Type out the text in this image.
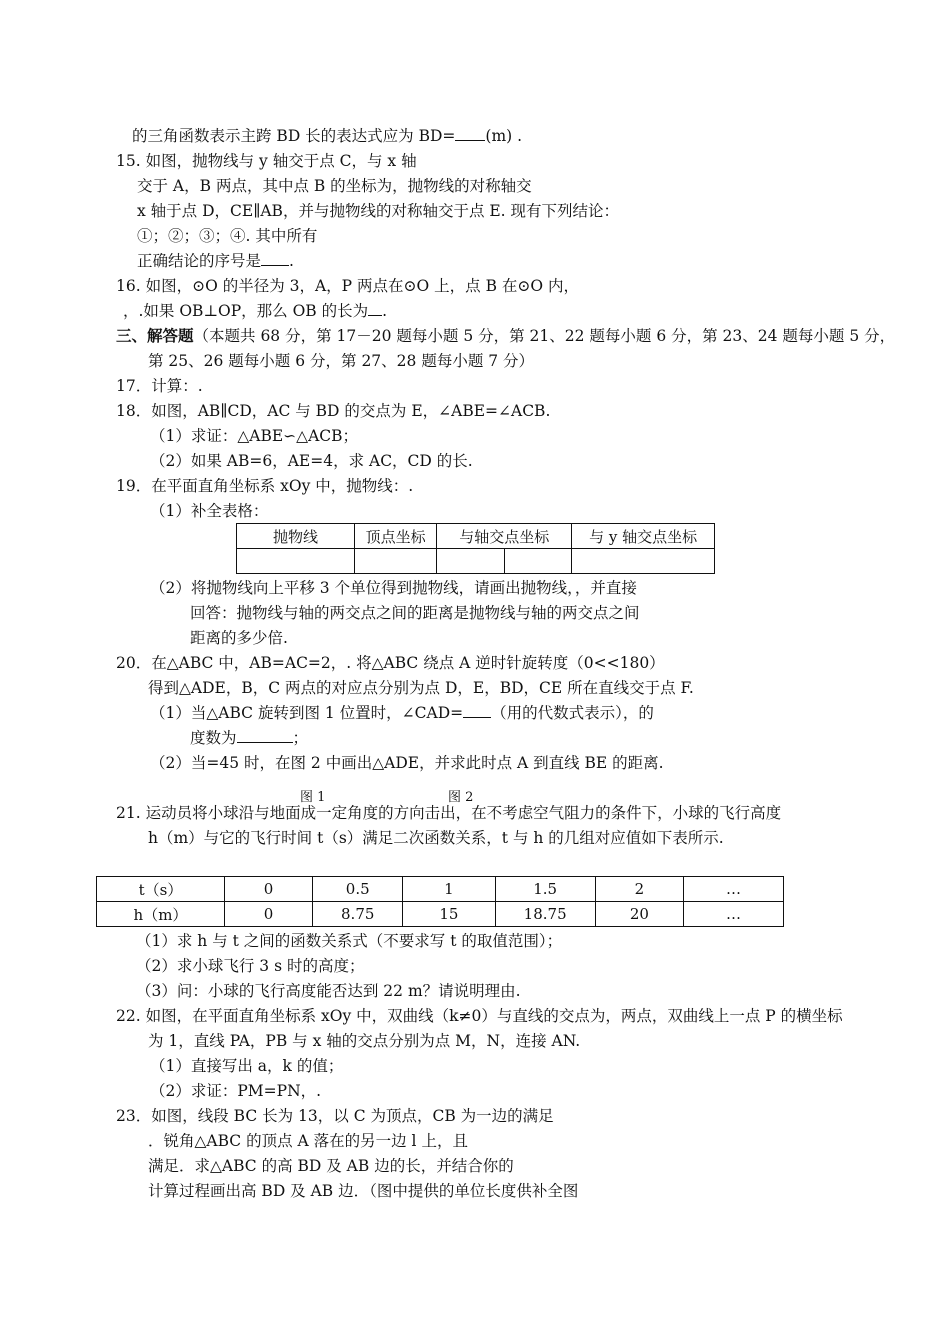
的三角函数表示主跨 BD 长的表达式应为 BD= (m) .
15. 如图，抛物线与 y 轴交于点 C，与 x 轴
交于 A，B 两点，其中点 B 的坐标为，抛物线的对称轴交
x 轴于点 D，CE∥AB，并与抛物线的对称轴交于点 E. 现有下列结论：
①；②；③；④. 其中所有
正确结论的序号是 .
16. 如图，⊙O 的半径为 3，A，P 两点在⊙O 上，点 B 在⊙O 内，
，.如果 OB⊥OP，那么 OB 的长为 .
三、解答题（本题共 68 分，第 17－20 题每小题 5 分，第 21、22 题每小题 6 分，第 23、24 题每小题 5 分，
第 25、26 题每小题 6 分，第 27、28 题每小题 7 分）
17．计算：.
18．如图，AB∥CD，AC 与 BD 的交点为 E，∠ABE=∠ACB.
（1）求证：△ABE∽△ACB；
（2）如果 AB=6，AE=4，求 AC，CD 的长.
19．在平面直角坐标系 xOy 中，抛物线：.
（1）补全表格：
抛物线	顶点坐标	与轴交点坐标		与 y 轴交点坐标

（2）将抛物线向上平移 3 个单位得到抛物线，请画出抛物线，，并直接
回答：抛物线与轴的两交点之间的距离是抛物线与轴的两交点之间
距离的多少倍.
20．在△ABC 中，AB=AC=2，. 将△ABC 绕点 A 逆时针旋转度（0<<180）
得到△ADE，B，C 两点的对应点分别为点 D，E，BD，CE 所在直线交于点 F.
（1）当△ABC 旋转到图 1 位置时，∠CAD= （用的代数式表示），的
度数为	；
（2）当=45 时，在图 2 中画出△ADE，并求此时点 A 到直线 BE 的距离.
图 1	图 2
21. 运动员将小球沿与地面成一定角度的方向击出，在不考虑空气阻力的条件下，小球的飞行高度
h（m）与它的飞行时间 t（s）满足二次函数关系，t 与 h 的几组对应值如下表所示.
t（s）	0	0.5	1	1.5	2	…
h（m）	0	8.75	15	18.75	20	…
（1）求 h 与 t 之间的函数关系式（不要求写 t 的取值范围）；
（2）求小球飞行 3 s 时的高度；
（3）问：小球的飞行高度能否达到 22 m？请说明理由.
22. 如图，在平面直角坐标系 xOy 中，双曲线（k≠0）与直线的交点为，两点，双曲线上一点 P 的横坐标
为 1，直线 PA，PB 与 x 轴的交点分别为点 M，N，连接 AN.
（1）直接写出 a，k 的值；
（2）求证：PM=PN，.
23．如图，线段 BC 长为 13，以 C 为顶点，CB 为一边的满足
．锐角△ABC 的顶点 A 落在的另一边 l 上，且
满足．求△ABC 的高 BD 及 AB 边的长，并结合你的
计算过程画出高 BD 及 AB 边．（图中提供的单位长度供补全图
